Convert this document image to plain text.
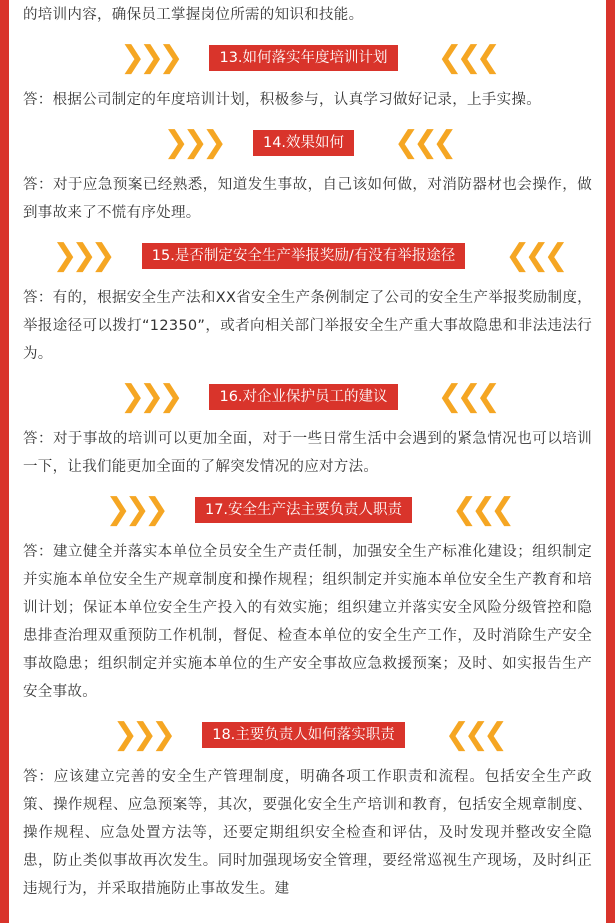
的培训内容，确保员工掌握岗位所需的知识和技能。

❯❯❯	13.如何落实年度培训计划	❮❮❮

答：根据公司制定的年度培训计划，积极参与，认真学习做好记录，上手实操。

❯❯❯	14.效果如何	❮❮❮

答：对于应急预案已经熟悉，知道发生事故，自己该如何做，对消防器材也会操作，做到事故来了不慌有序处理。

❯❯❯	15.是否制定安全生产举报奖励/有没有举报途径	❮❮❮

答：有的，根据安全生产法和XX省安全生产条例制定了公司的安全生产举报奖励制度，举报途径可以拨打“12350”，或者向相关部门举报安全生产重大事故隐患和非法违法行为。

❯❯❯	16.对企业保护员工的建议	❮❮❮

答：对于事故的培训可以更加全面，对于一些日常生活中会遇到的紧急情况也可以培训一下，让我们能更加全面的了解突发情况的应对方法。

❯❯❯	17.安全生产法主要负责人职责	❮❮❮

答：建立健全并落实本单位全员安全生产责任制，加强安全生产标准化建设；组织制定并实施本单位安全生产规章制度和操作规程；组织制定并实施本单位安全生产教育和培训计划；保证本单位安全生产投入的有效实施；组织建立并落实安全风险分级管控和隐患排查治理双重预防工作机制，督促、检查本单位的安全生产工作，及时消除生产安全事故隐患；组织制定并实施本单位的生产安全事故应急救援预案；及时、如实报告生产安全事故。

❯❯❯	18.主要负责人如何落实职责	❮❮❮

答：应该建立完善的安全生产管理制度，明确各项工作职责和流程。包括安全生产政策、操作规程、应急预案等，其次，要强化安全生产培训和教育，包括安全规章制度、操作规程、应急处置方法等，还要定期组织安全检查和评估，及时发现并整改安全隐患，防止类似事故再次发生。同时加强现场安全管理，要经常巡视生产现场，及时纠正违规行为，并采取措施防止事故发生。建
